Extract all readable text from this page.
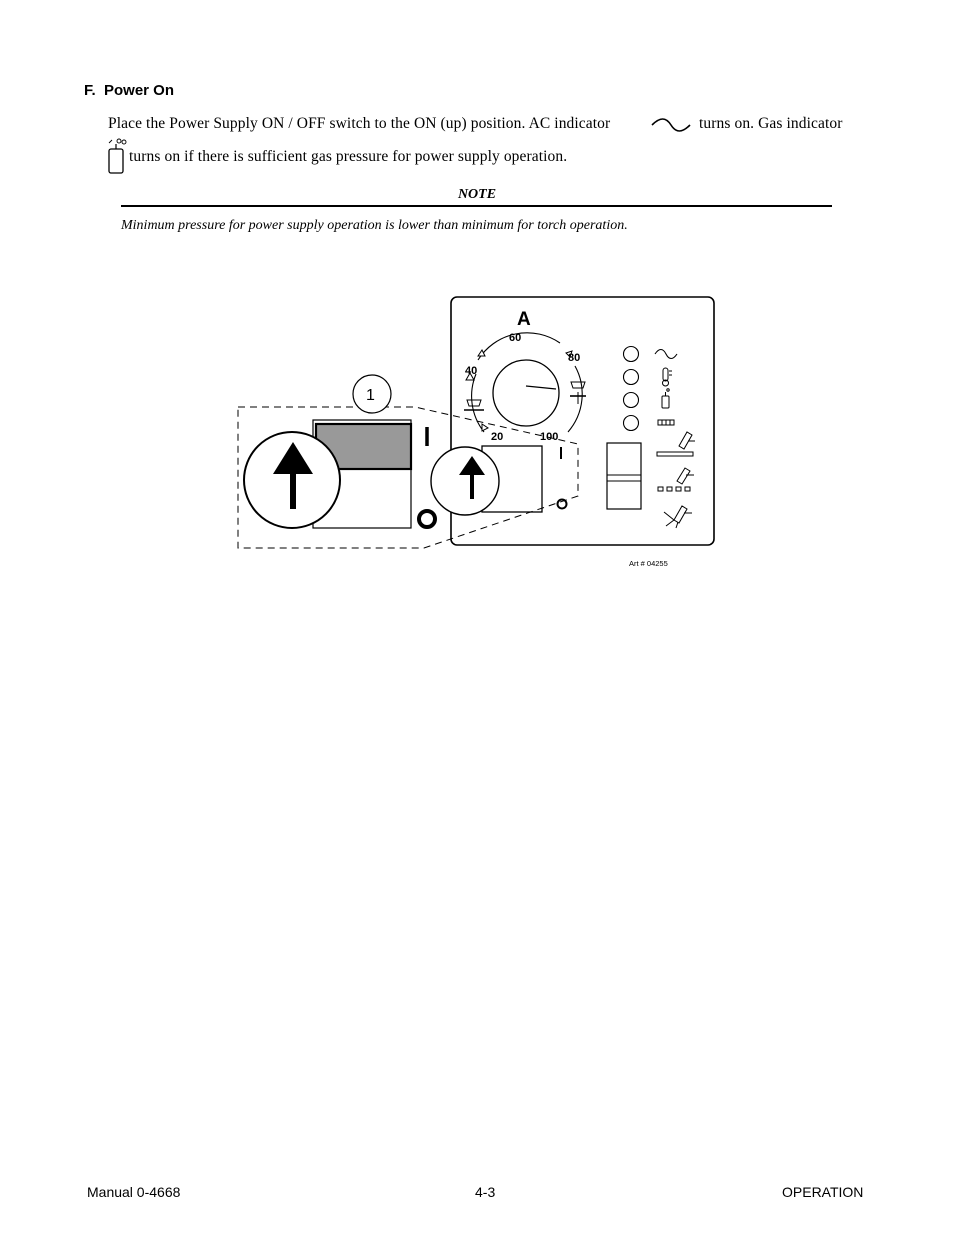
F.  Power On
Place the Power Supply ON / OFF switch to the ON (up) position. AC indicator	turns on. Gas indicator
turns on if there is sufficient gas pressure for power supply operation.
NOTE
Minimum pressure for power supply operation is lower than minimum for torch operation.
A
20
40
60
80
100
1
Art # 04255
Manual 0-4668	4-3	OPERATION
